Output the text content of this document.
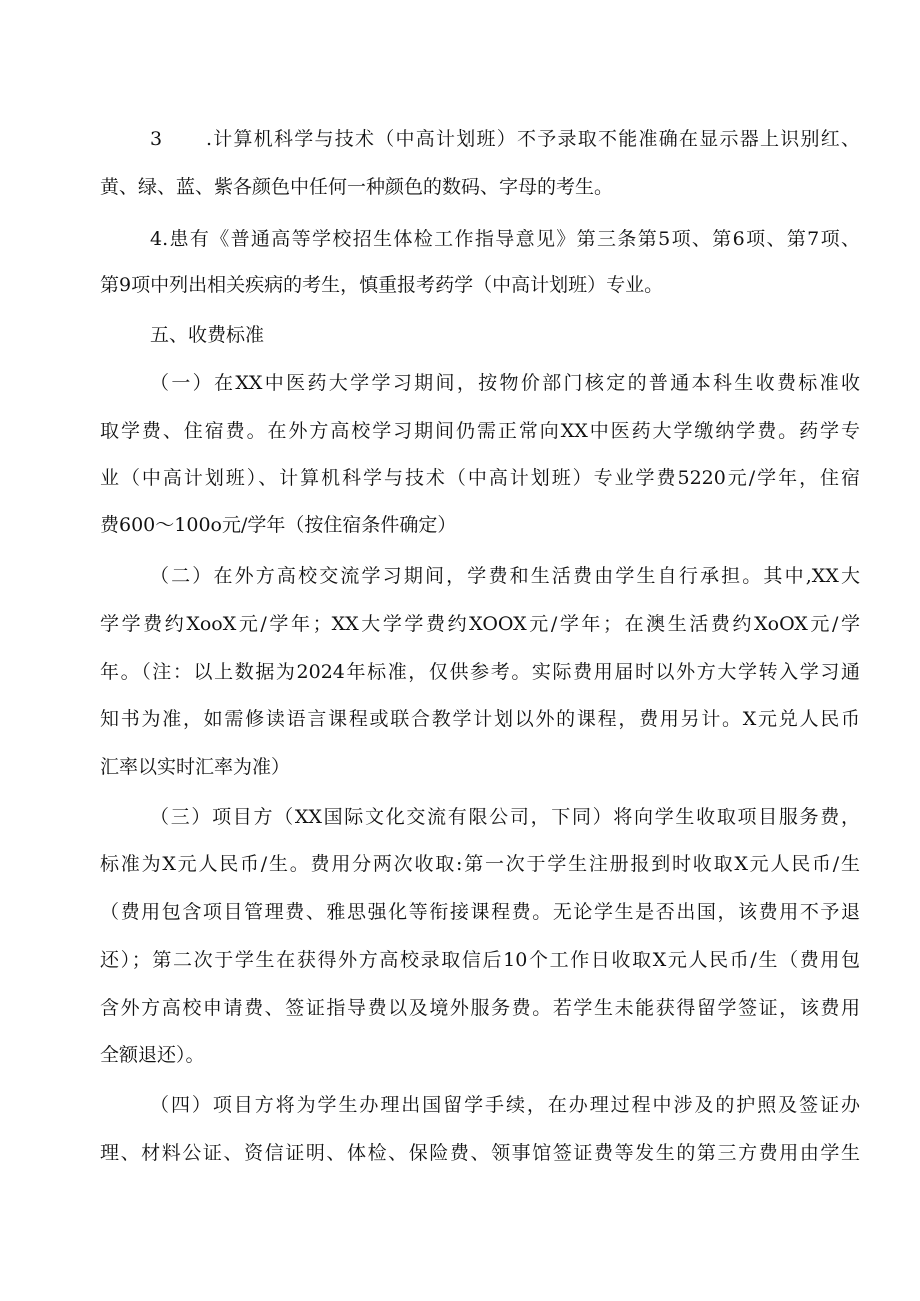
3 .计算机科学与技术（中高计划班）不予录取不能准确在显示器上识别红、
黄、绿、蓝、紫各颜色中任何一种颜色的数码、字母的考生。
4.患有《普通高等学校招生体检工作指导意见》第三条第5项、第6项、第7项、
第9项中列出相关疾病的考生，慎重报考药学（中高计划班）专业。
五、收费标准
（一）在XX中医药大学学习期间，按物价部门核定的普通本科生收费标准收
取学费、住宿费。在外方高校学习期间仍需正常向XX中医药大学缴纳学费。药学专
业（中高计划班）、计算机科学与技术（中高计划班）专业学费5220元/学年，住宿
费600～100o元/学年（按住宿条件确定）
（二）在外方高校交流学习期间，学费和生活费由学生自行承担。其中,XX大
学学费约XooX元/学年；XX大学学费约XOOX元/学年；在澳生活费约XoOX元/学
年。（注：以上数据为2024年标准，仅供参考。实际费用届时以外方大学转入学习通
知书为准，如需修读语言课程或联合教学计划以外的课程，费用另计。X元兑人民币
汇率以实时汇率为准）
（三）项目方（XX国际文化交流有限公司，下同）将向学生收取项目服务费，
标准为X元人民币/生。费用分两次收取:第一次于学生注册报到时收取X元人民币/生
（费用包含项目管理费、雅思强化等衔接课程费。无论学生是否出国，该费用不予退
还）；第二次于学生在获得外方高校录取信后10个工作日收取X元人民币/生（费用包
含外方高校申请费、签证指导费以及境外服务费。若学生未能获得留学签证，该费用
全额退还）。
（四）项目方将为学生办理出国留学手续，在办理过程中涉及的护照及签证办
理、材料公证、资信证明、体检、保险费、领事馆签证费等发生的第三方费用由学生
